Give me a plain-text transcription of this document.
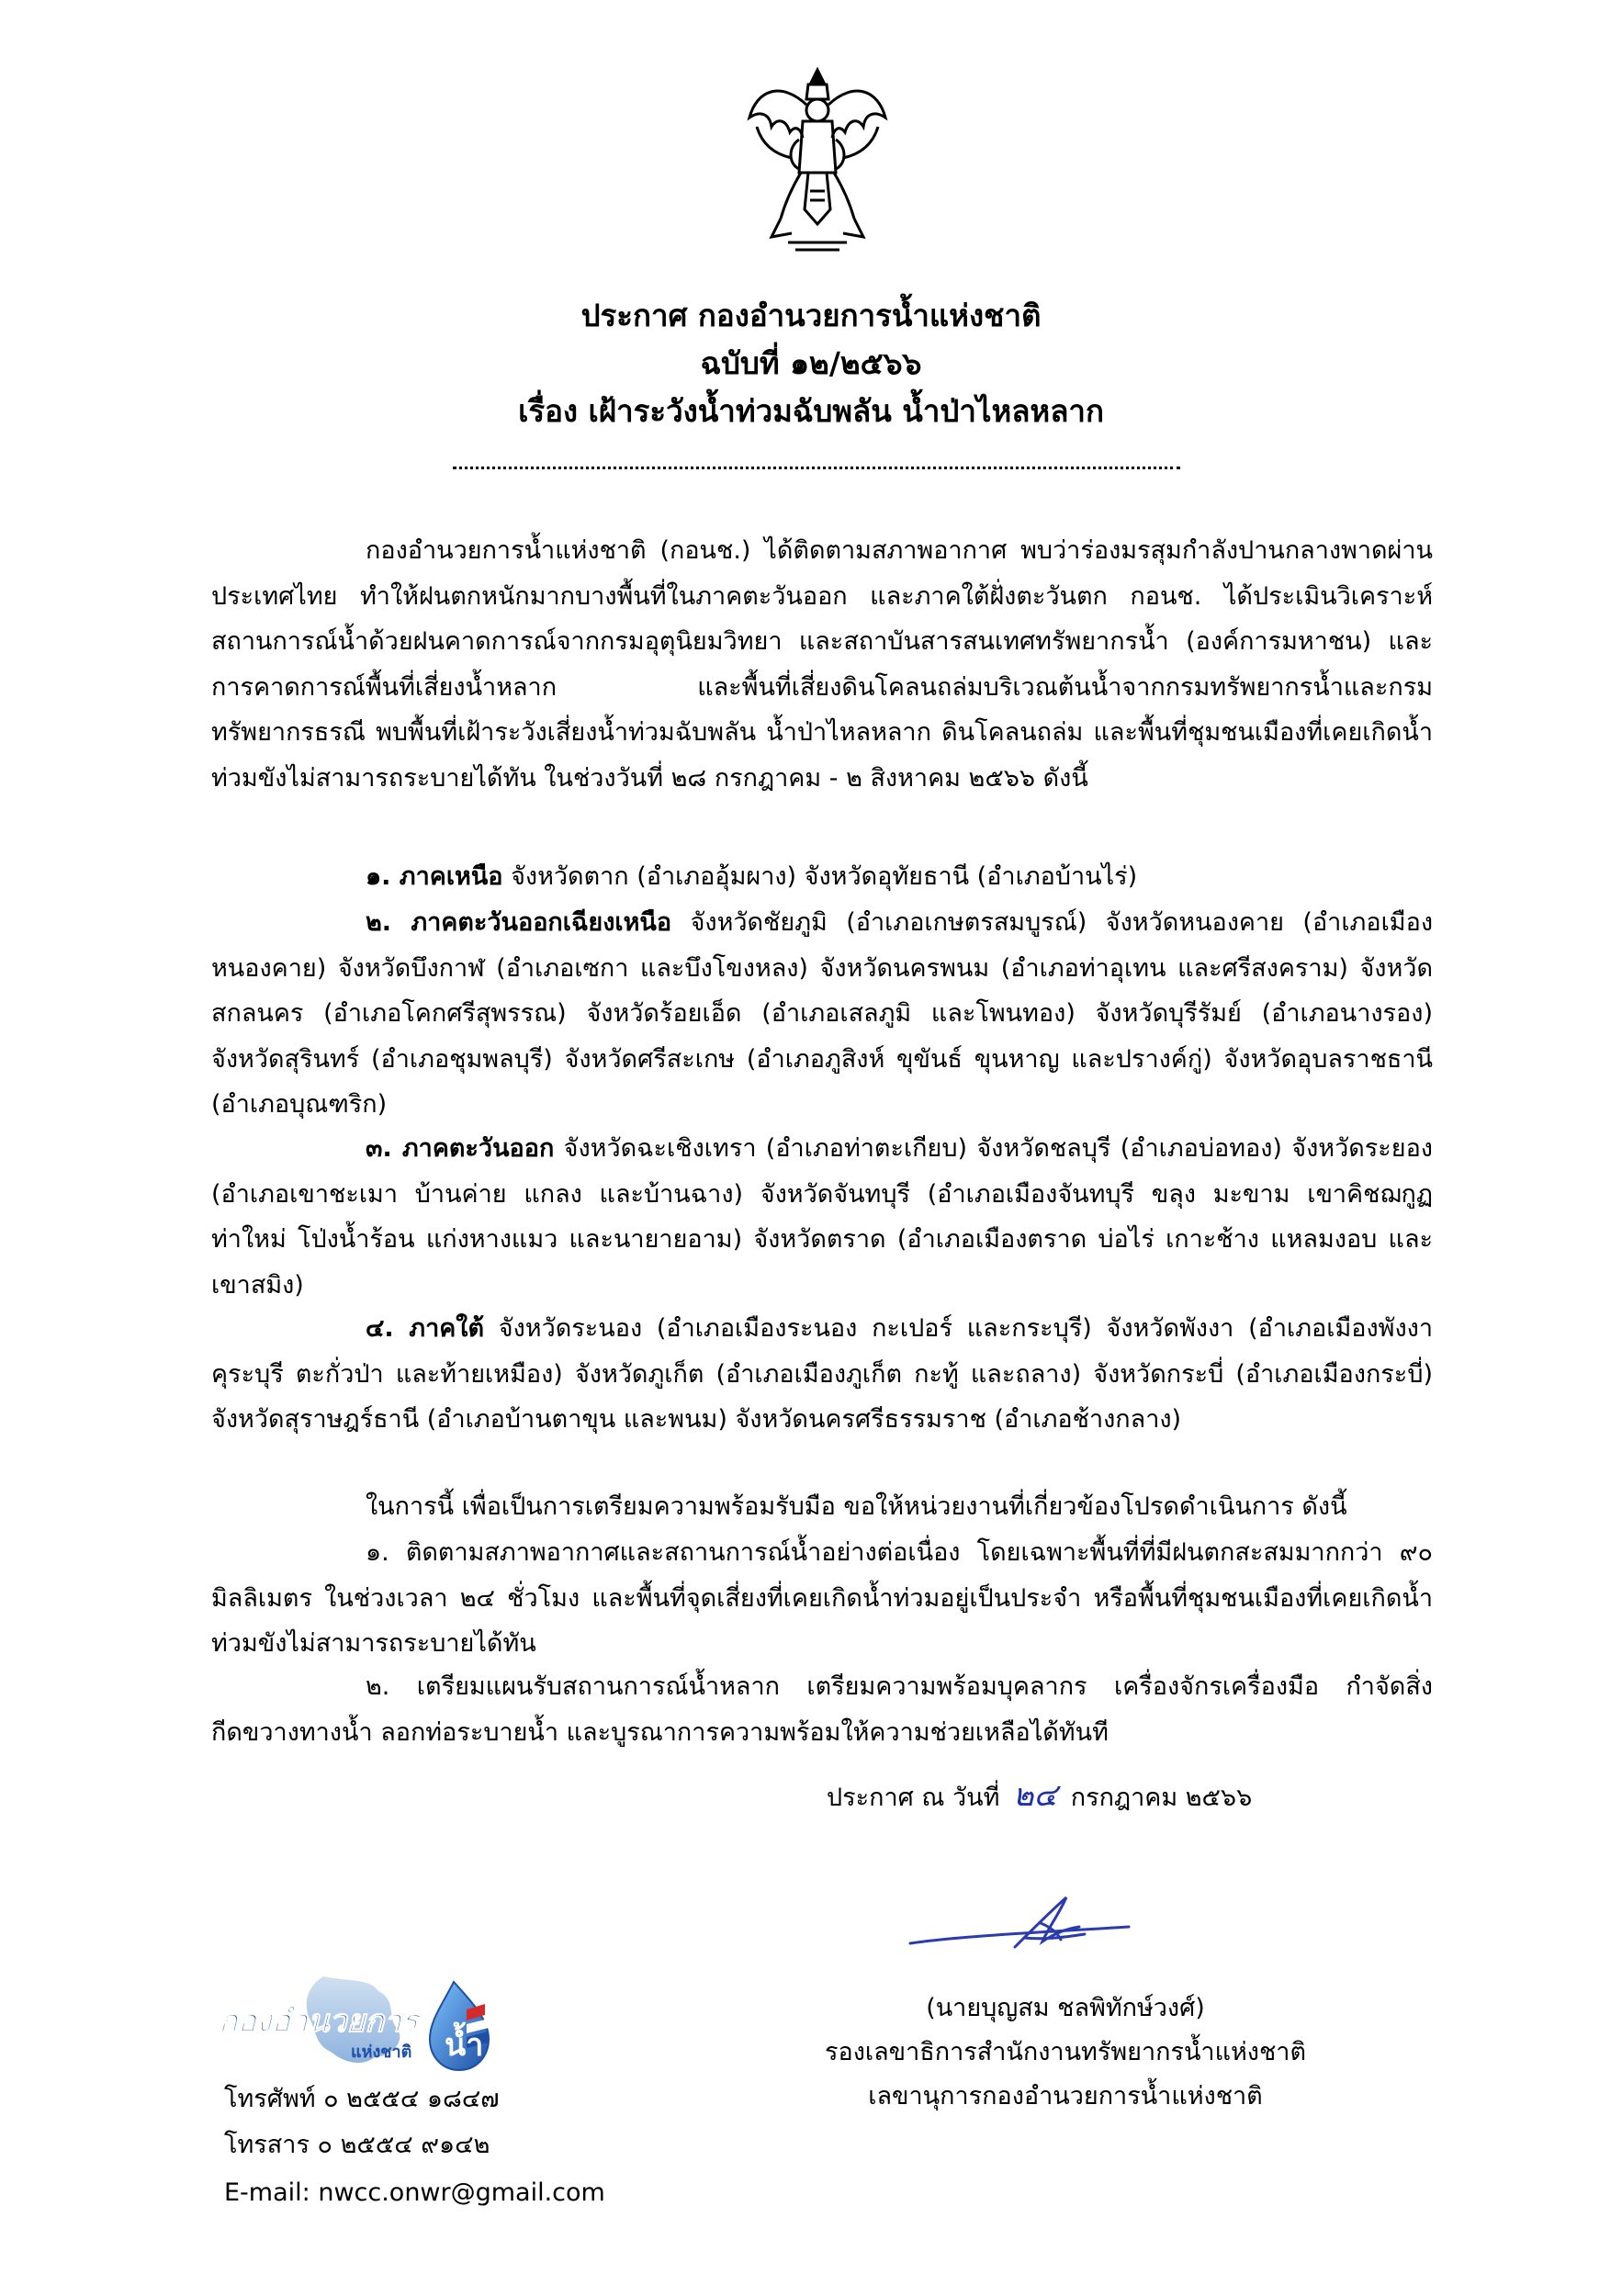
ประกาศ กองอำนวยการน้ำแห่งชาติ
ฉบับที่ ๑๒/๒๕๖๖
เรื่อง เฝ้าระวังน้ำท่วมฉับพลัน น้ำป่าไหลหลาก

กองอำนวยการน้ำแห่งชาติ (กอนช.) ได้ติดตามสภาพอากาศ พบว่าร่องมรสุมกำลังปานกลางพาดผ่านประเทศไทย ทำให้ฝนตกหนักมากบางพื้นที่ในภาคตะวันออก และภาคใต้ฝั่งตะวันตก กอนช. ได้ประเมินวิเคราะห์สถานการณ์น้ำด้วยฝนคาดการณ์จากกรมอุตุนิยมวิทยา และสถาบันสารสนเทศทรัพยากรน้ำ (องค์การมหาชน) และการคาดการณ์พื้นที่เสี่ยงน้ำหลาก และพื้นที่เสี่ยงดินโคลนถล่มบริเวณต้นน้ำจากกรมทรัพยากรน้ำและกรมทรัพยากรธรณี พบพื้นที่เฝ้าระวังเสี่ยงน้ำท่วมฉับพลัน น้ำป่าไหลหลาก ดินโคลนถล่ม และพื้นที่ชุมชนเมืองที่เคยเกิดน้ำท่วมขังไม่สามารถระบายได้ทัน ในช่วงวันที่ ๒๘ กรกฎาคม - ๒ สิงหาคม ๒๕๖๖ ดังนี้

๑. ภาคเหนือ จังหวัดตาก (อำเภออุ้มผาง) จังหวัดอุทัยธานี (อำเภอบ้านไร่)

๒. ภาคตะวันออกเฉียงเหนือ จังหวัดชัยภูมิ (อำเภอเกษตรสมบูรณ์) จังหวัดหนองคาย (อำเภอเมืองหนองคาย) จังหวัดบึงกาฬ (อำเภอเซกา และบึงโขงหลง) จังหวัดนครพนม (อำเภอท่าอุเทน และศรีสงคราม) จังหวัดสกลนคร (อำเภอโคกศรีสุพรรณ) จังหวัดร้อยเอ็ด (อำเภอเสลภูมิ และโพนทอง) จังหวัดบุรีรัมย์ (อำเภอนางรอง) จังหวัดสุรินทร์ (อำเภอชุมพลบุรี) จังหวัดศรีสะเกษ (อำเภอภูสิงห์ ขุขันธ์ ขุนหาญ และปรางค์กู่) จังหวัดอุบลราชธานี (อำเภอบุณฑริก)

๓. ภาคตะวันออก จังหวัดฉะเชิงเทรา (อำเภอท่าตะเกียบ) จังหวัดชลบุรี (อำเภอบ่อทอง) จังหวัดระยอง (อำเภอเขาชะเมา บ้านค่าย แกลง และบ้านฉาง) จังหวัดจันทบุรี (อำเภอเมืองจันทบุรี ขลุง มะขาม เขาคิชฌกูฏ ท่าใหม่ โป่งน้ำร้อน แก่งหางแมว และนายายอาม) จังหวัดตราด (อำเภอเมืองตราด บ่อไร่ เกาะช้าง แหลมงอบ และเขาสมิง)

๔. ภาคใต้ จังหวัดระนอง (อำเภอเมืองระนอง กะเปอร์ และกระบุรี) จังหวัดพังงา (อำเภอเมืองพังงา คุระบุรี ตะกั่วป่า และท้ายเหมือง) จังหวัดภูเก็ต (อำเภอเมืองภูเก็ต กะทู้ และถลาง) จังหวัดกระบี่ (อำเภอเมืองกระบี่) จังหวัดสุราษฎร์ธานี (อำเภอบ้านตาขุน และพนม) จังหวัดนครศรีธรรมราช (อำเภอช้างกลาง)

ในการนี้ เพื่อเป็นการเตรียมความพร้อมรับมือ ขอให้หน่วยงานที่เกี่ยวข้องโปรดดำเนินการ ดังนี้

๑. ติดตามสภาพอากาศและสถานการณ์น้ำอย่างต่อเนื่อง โดยเฉพาะพื้นที่ที่มีฝนตกสะสมมากกว่า ๙๐ มิลลิเมตร ในช่วงเวลา ๒๔ ชั่วโมง และพื้นที่จุดเสี่ยงที่เคยเกิดน้ำท่วมอยู่เป็นประจำ หรือพื้นที่ชุมชนเมืองที่เคยเกิดน้ำท่วมขังไม่สามารถระบายได้ทัน

๒. เตรียมแผนรับสถานการณ์น้ำหลาก เตรียมความพร้อมบุคลากร เครื่องจักรเครื่องมือ กำจัดสิ่งกีดขวางทางน้ำ ลอกท่อระบายน้ำ และบูรณาการความพร้อมให้ความช่วยเหลือได้ทันที

ประกาศ ณ วันที่ ๒๔ กรกฎาคม ๒๕๖๖
(นายบุญสม ชลพิทักษ์วงศ์)
รองเลขาธิการสำนักงานทรัพยากรน้ำแห่งชาติ
เลขานุการกองอำนวยการน้ำแห่งชาติ
น้ำ
กองอำนวยการ
แห่งชาติ
โทรศัพท์ ๐ ๒๕๕๔ ๑๘๔๗
โทรสาร ๐ ๒๕๕๔ ๙๑๔๒
E-mail: nwcc.onwr@gmail.com
